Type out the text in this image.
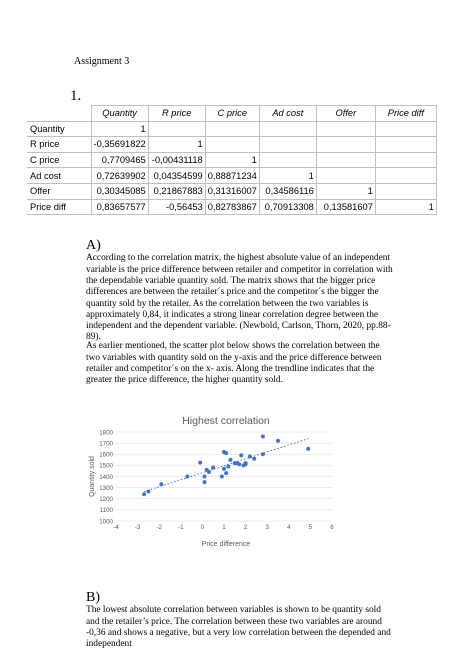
Assignment 3
1.
	Quantity	R price	C price	Ad cost	Offer	Price diff
Quantity	1					
R price	-0,35691822	1				
C price	0,7709465	-0,00431118	1			
Ad cost	0,72639902	0,04354599	0,88871234	1		
Offer	0,30345085	0,21867883	0,31316007	0,34586116	1	
Price diff	0,83657577	-0,56453	0,82783867	0,70913308	0,13581607	1
A)

According to the correlation matrix, the highest absolute value of an independent variable is the price difference between retailer and competitor in correlation with the dependable variable quantity sold. The matrix shows that the bigger price differences are between the retailer´s price and the competitor´s the bigger the quantity sold by the retailer. As the correlation between the two variables is approximately 0,84, it indicates a strong linear correlation degree between the independent and the dependent variable. (Newbold, Carlson, Thorn, 2020, pp.88-89).

As earlier mentioned, the scatter plot below shows the correlation between the two variables with quantity sold on the y-axis and the price difference between retailer and competitor´s on the x- axis. Along the trendline indicates that the greater the price difference, the higher quantity sold.

Highest correlation
1000
1100
1200
1300
1400
1500
1600
1700
1800
-4	-3	-2	-1	0	1	2	3	4	5	6
Quantity sold
Price difference
B)

The lowest absolute correlation between variables is shown to be quantity sold and the retailer’s price. The correlation between these two variables are around -0,36 and shows a negative, but a very low correlation between the depended and independent
